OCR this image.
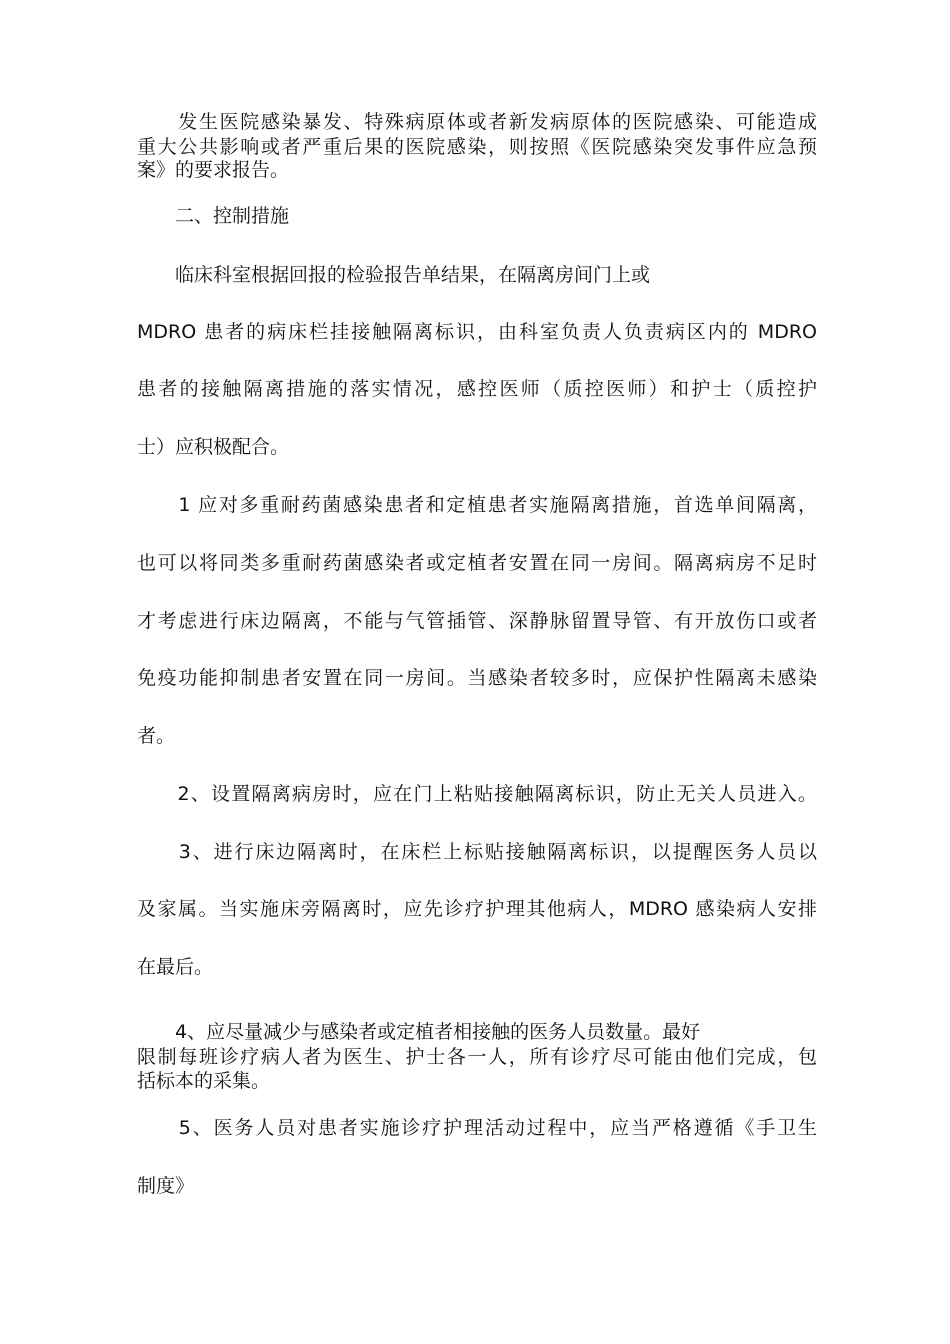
　　发生医院感染暴发、特殊病原体或者新发病原体的医院感染、可能造成
重大公共影响或者严重后果的医院感染，则按照《医院感染突发事件应急预
案》的要求报告。
　　二、控制措施
　　临床科室根据回报的检验报告单结果，在隔离房间门上或
MDRO 患者的病床栏挂接触隔离标识，由科室负责人负责病区内的 MDRO
患者的接触隔离措施的落实情况，感控医师（质控医师）和护士（质控护
士）应积极配合。
　　1 应对多重耐药菌感染患者和定植患者实施隔离措施，首选单间隔离，
也可以将同类多重耐药菌感染者或定植者安置在同一房间。隔离病房不足时
才考虑进行床边隔离，不能与气管插管、深静脉留置导管、有开放伤口或者
免疫功能抑制患者安置在同一房间。当感染者较多时，应保护性隔离未感染
者。
　　2、设置隔离病房时，应在门上粘贴接触隔离标识，防止无关人员进入。
　　3、进行床边隔离时，在床栏上标贴接触隔离标识，以提醒医务人员以
及家属。当实施床旁隔离时，应先诊疗护理其他病人，MDRO 感染病人安排
在最后。
　　4、应尽量减少与感染者或定植者相接触的医务人员数量。最好
限制每班诊疗病人者为医生、护士各一人，所有诊疗尽可能由他们完成，包
括标本的采集。
　　5、医务人员对患者实施诊疗护理活动过程中，应当严格遵循《手卫生
制度》
